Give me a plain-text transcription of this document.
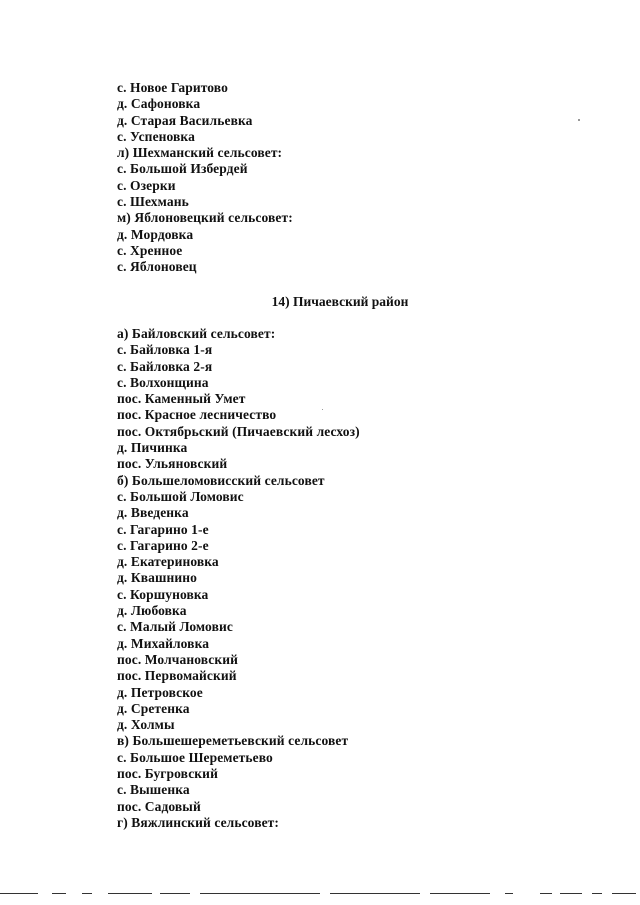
с. Новое Гаритово
д. Сафоновка
д. Старая Васильевка
с. Успеновка
л) Шехманский сельсовет:
с. Большой Избердей
с. Озерки
с. Шехмань
м) Яблоновецкий сельсовет:
д. Мордовка
с. Хренное
с. Яблоновец
14) Пичаевский район
а) Байловский сельсовет:
с. Байловка 1-я
с. Байловка 2-я
с. Волхонщина
пос. Каменный Умет
пос. Красное лесничество
пос. Октябрьский (Пичаевский лесхоз)
д. Пичинка
пос. Ульяновский
б) Большеломовисский сельсовет
с. Большой Ломовис
д. Введенка
с. Гагарино 1-е
с. Гагарино 2-е
д. Екатериновка
д. Квашнино
с. Коршуновка
д. Любовка
с. Малый Ломовис
д. Михайловка
пос. Молчановский
пос. Первомайский
д. Петровское
д. Сретенка
д. Холмы
в) Большешереметьевский сельсовет
с. Большое Шереметьево
пос. Бугровский
с. Вышенка
пос. Садовый
г) Вяжлинский сельсовет:
